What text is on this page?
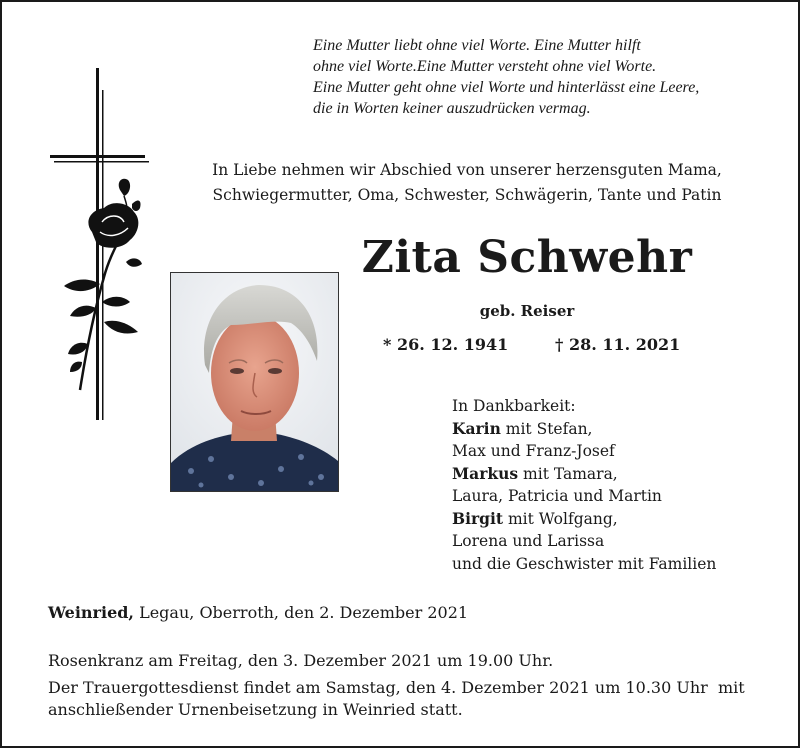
Eine Mutter liebt ohne viel Worte. Eine Mutter hilft
ohne viel Worte.Eine Mutter versteht ohne viel Worte.
Eine Mutter geht ohne viel Worte und hinterlässt eine Leere,
die in Worten keiner auszudrücken vermag.
In Liebe nehmen wir Abschied von unserer herzensguten Mama,
Schwiegermutter, Oma, Schwester, Schwägerin, Tante und Patin
Zita Schwehr
geb. Reiser
* 26. 12. 1941	† 28. 11. 2021
In Dankbarkeit:
Karin mit Stefan,
Max und Franz-Josef
Markus mit Tamara,
Laura, Patricia und Martin
Birgit mit Wolfgang,
Lorena und Larissa
und die Geschwister mit Familien
Weinried, Legau, Oberroth, den 2. Dezember 2021
Rosenkranz am Freitag, den 3. Dezember 2021 um 19.00 Uhr.
Der Trauergottesdienst findet am Samstag, den 4. Dezember 2021 um 10.30 Uhr  mit
anschließender Urnenbeisetzung in Weinried statt.
